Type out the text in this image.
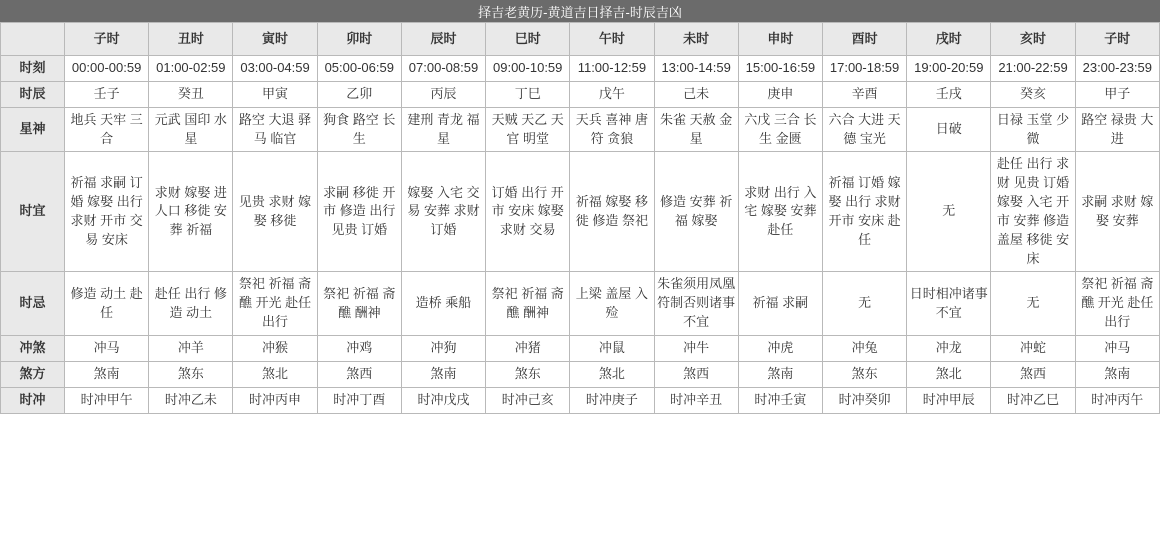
择吉老黄历-黄道吉日择吉-时辰吉凶
	子时	丑时	寅时	卯时	辰时	巳时	午时	未时	申时	酉时	戌时	亥时	子时
时刻	00:00-00:59	01:00-02:59	03:00-04:59	05:00-06:59	07:00-08:59	09:00-10:59	11:00-12:59	13:00-14:59	15:00-16:59	17:00-18:59	19:00-20:59	21:00-22:59	23:00-23:59
时辰	壬子	癸丑	甲寅	乙卯	丙辰	丁巳	戊午	己未	庚申	辛酉	壬戌	癸亥	甲子
星神	地兵 天牢 三合	元武 国印 水星	路空 大退 驿马 临官	狗食 路空 长生	建刑 青龙 福星	天贼 天乙 天官 明堂	天兵 喜神 唐符 贪狼	朱雀 天赦 金星	六戊 三合 长生 金匮	六合 大进 天德 宝光	日破	日禄 玉堂 少微	路空 禄贵 大进
时宜	祈福 求嗣 订婚 嫁娶 出行 求财 开市 交易 安床	求财 嫁娶 进人口 移徙 安葬 祈福	见贵 求财 嫁娶 移徙	求嗣 移徙 开市 修造 出行 见贵 订婚	嫁娶 入宅 交易 安葬 求财 订婚	订婚 出行 开市 安床 嫁娶 求财 交易	祈福 嫁娶 移徙 修造 祭祀	修造 安葬 祈福 嫁娶	求财 出行 入宅 嫁娶 安葬 赴任	祈福 订婚 嫁娶 出行 求财 开市 安床 赴任	无	赴任 出行 求财 见贵 订婚 嫁娶 入宅 开市 安葬 修造 盖屋 移徙 安床	求嗣 求财 嫁娶 安葬
时忌	修造 动土 赴任	赴任 出行 修造 动土	祭祀 祈福 斋醮 开光 赴任 出行	祭祀 祈福 斋醮 酬神	造桥 乘船	祭祀 祈福 斋醮 酬神	上梁 盖屋 入殓	朱雀须用凤凰符制否则诸事不宜	祈福 求嗣	无	日时相冲诸事不宜	无	祭祀 祈福 斋醮 开光 赴任 出行
冲煞	冲马	冲羊	冲猴	冲鸡	冲狗	冲猪	冲鼠	冲牛	冲虎	冲兔	冲龙	冲蛇	冲马
煞方	煞南	煞东	煞北	煞西	煞南	煞东	煞北	煞西	煞南	煞东	煞北	煞西	煞南
时冲	时冲甲午	时冲乙未	时冲丙申	时冲丁酉	时冲戊戌	时冲己亥	时冲庚子	时冲辛丑	时冲壬寅	时冲癸卯	时冲甲辰	时冲乙巳	时冲丙午
